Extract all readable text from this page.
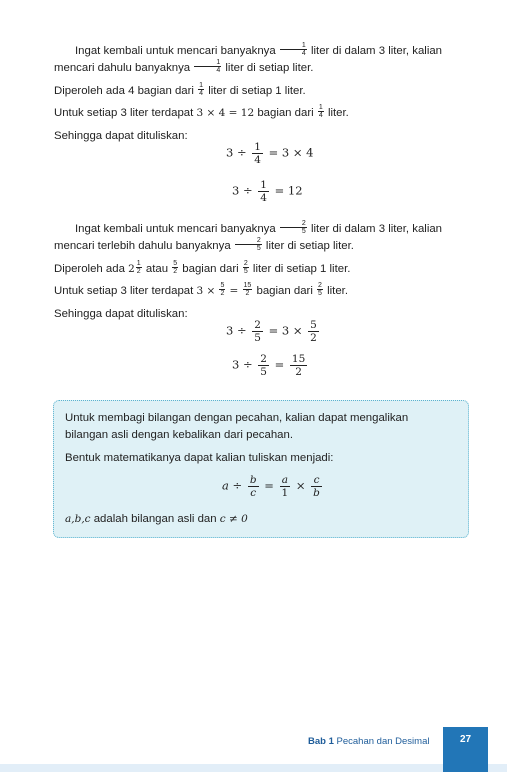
Ingat kembali untuk mencari banyaknya $\frac{1}{4}$ liter di dalam 3 liter, kalian mencari dahulu banyaknya $\frac{1}{4}$ liter di setiap liter.

Diperoleh ada 4 bagian dari $\frac{1}{4}$ liter di setiap 1 liter.

Untuk setiap 3 liter terdapat 3 × 4 = 12 bagian dari $\frac{1}{4}$ liter.

Sehingga dapat dituliskan:

$3 \div \frac{1}{4} = 3 \times 4$
$3 \div \frac{1}{4} = 12$

Ingat kembali untuk mencari banyaknya $\frac{2}{5}$ liter di dalam 3 liter, kalian mencari terlebih dahulu banyaknya $\frac{2}{5}$ liter di setiap liter.

Diperoleh ada $2 \frac{1}{2}$ atau $\frac{5}{2}$ bagian dari $\frac{2}{5}$ liter di setiap 1 liter.

Untuk setiap 3 liter terdapat $3 \times \frac{5}{2} = \frac{15}{2}$ bagian dari $\frac{2}{5}$ liter.

Sehingga dapat dituliskan:

$3 \div \frac{2}{5} = 3 \times \frac{5}{2}$
$3 \div \frac{2}{5} = \frac{15}{2}$

Untuk membagi bilangan dengan pecahan, kalian dapat mengalikan bilangan asli dengan kebalikan dari pecahan.

Bentuk matematikanya dapat kalian tuliskan menjadi:

$a \div \frac{b}{c} = \frac{a}{1} \times \frac{c}{b}$

a,b,c adalah bilangan asli dan c ≠ 0

Bab 1 Pecahan dan Desimal	27
